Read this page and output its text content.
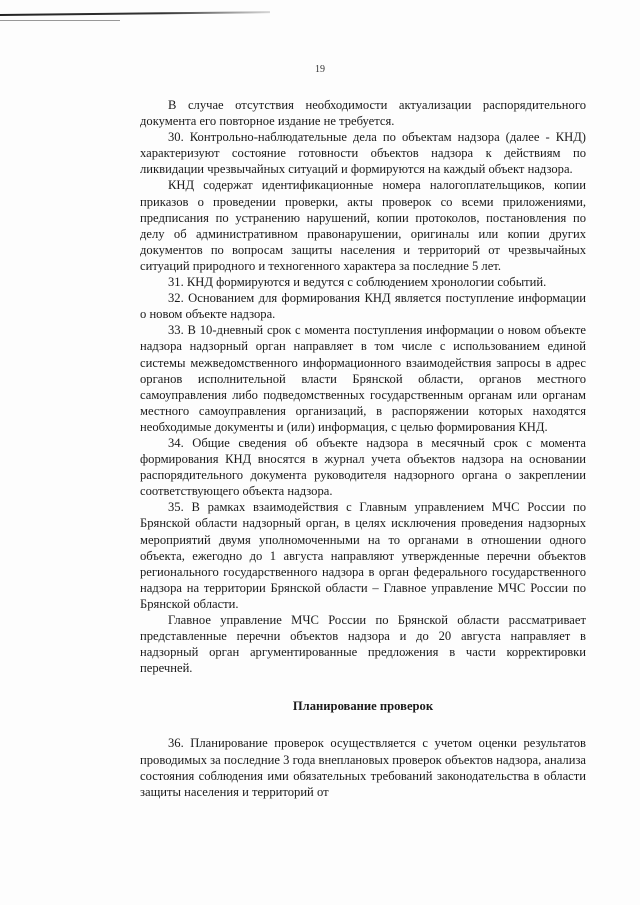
19

В случае отсутствия необходимости актуализации распорядительного документа его повторное издание не требуется.

30. Контрольно-наблюдательные дела по объектам надзора (далее - КНД) характеризуют состояние готовности объектов надзора к действиям по ликвидации чрезвычайных ситуаций и формируются на каждый объект надзора.

КНД содержат идентификационные номера налогоплательщиков, копии приказов о проведении проверки, акты проверок со всеми приложениями, предписания по устранению нарушений, копии протоколов, постановления по делу об административном правонарушении, оригиналы или копии других документов по вопросам защиты населения и территорий от чрезвычайных ситуаций природного и техногенного характера за последние 5 лет.

31. КНД формируются и ведутся с соблюдением хронологии событий.

32. Основанием для формирования КНД является поступление информации о новом объекте надзора.

33. В 10-дневный срок с момента поступления информации о новом объекте надзора надзорный орган направляет в том числе с использованием единой системы межведомственного информационного взаимодействия запросы в адрес органов исполнительной власти Брянской области, органов местного самоуправления либо подведомственных государственным органам или органам местного самоуправления организаций, в распоряжении которых находятся необходимые документы и (или) информация, с целью формирования КНД.

34. Общие сведения об объекте надзора в месячный срок с момента формирования КНД вносятся в журнал учета объектов надзора на основании распорядительного документа руководителя надзорного органа о закреплении соответствующего объекта надзора.

35. В рамках взаимодействия с Главным управлением МЧС России по Брянской области надзорный орган, в целях исключения проведения надзорных мероприятий двумя уполномоченными на то органами в отношении одного объекта, ежегодно до 1 августа направляют утвержденные перечни объектов регионального государственного надзора в орган федерального государственного надзора на территории Брянской области – Главное управление МЧС России по Брянской области.

Главное управление МЧС России по Брянской области рассматривает представленные перечни объектов надзора и до 20 августа направляет в надзорный орган аргументированные предложения в части корректировки перечней.

Планирование проверок

36. Планирование проверок осуществляется с учетом оценки результатов проводимых за последние 3 года внеплановых проверок объектов надзора, анализа состояния соблюдения ими обязательных требований законодательства в области защиты населения и территорий от
